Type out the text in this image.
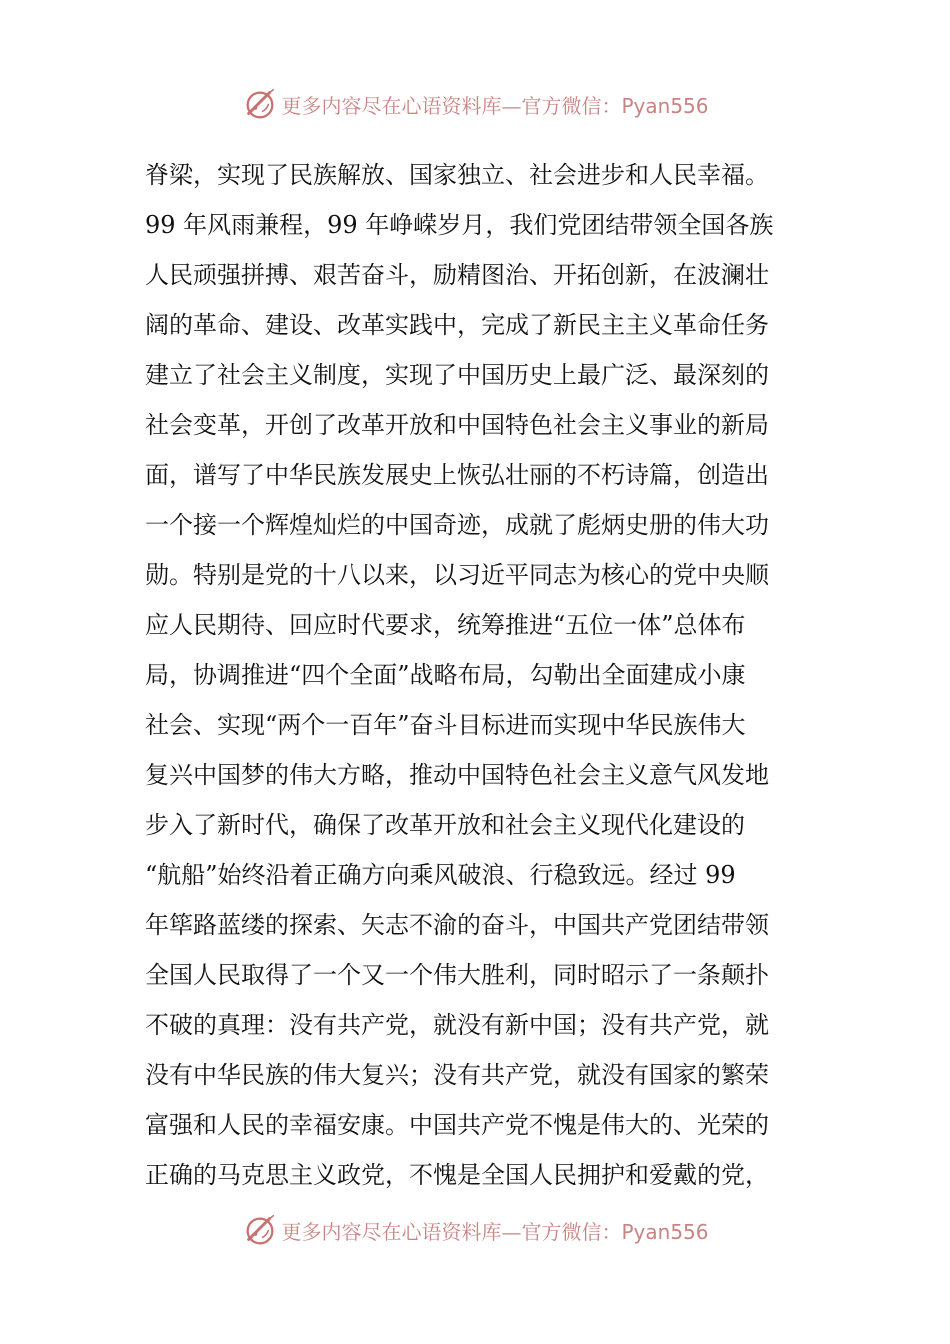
更多内容尽在心语资料库—官方微信：Pyan556
脊梁，实现了民族解放、国家独立、社会进步和人民幸福。
99 年风雨兼程，99 年峥嵘岁月，我们党团结带领全国各族
人民顽强拼搏、艰苦奋斗，励精图治、开拓创新，在波澜壮
阔的革命、建设、改革实践中，完成了新民主主义革命任务
建立了社会主义制度，实现了中国历史上最广泛、最深刻的
社会变革，开创了改革开放和中国特色社会主义事业的新局
面，谱写了中华民族发展史上恢弘壮丽的不朽诗篇，创造出
一个接一个辉煌灿烂的中国奇迹，成就了彪炳史册的伟大功
勋。特别是党的十八以来，以习近平同志为核心的党中央顺
应人民期待、回应时代要求，统筹推进“五位一体”总体布
局，协调推进“四个全面”战略布局，勾勒出全面建成小康
社会、实现“两个一百年”奋斗目标进而实现中华民族伟大
复兴中国梦的伟大方略，推动中国特色社会主义意气风发地
步入了新时代，确保了改革开放和社会主义现代化建设的
“航船”始终沿着正确方向乘风破浪、行稳致远。经过 99
年筚路蓝缕的探索、矢志不渝的奋斗，中国共产党团结带领
全国人民取得了一个又一个伟大胜利，同时昭示了一条颠扑
不破的真理：没有共产党，就没有新中国；没有共产党，就
没有中华民族的伟大复兴；没有共产党，就没有国家的繁荣
富强和人民的幸福安康。中国共产党不愧是伟大的、光荣的
正确的马克思主义政党，不愧是全国人民拥护和爱戴的党，
更多内容尽在心语资料库—官方微信：Pyan556
